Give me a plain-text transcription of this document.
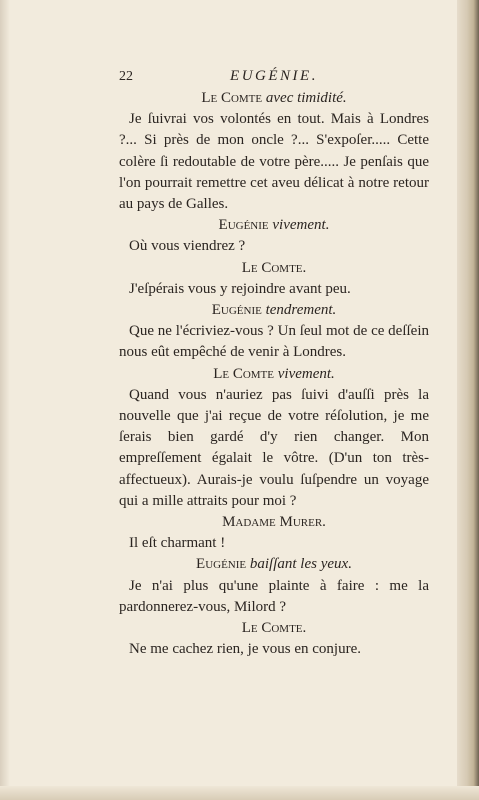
22	EUGÉNIE.
Le Comte avec timidité.
Je ſuivrai vos volontés en tout. Mais à Londres ?... Si près de mon oncle ?... S'expoſer..... Cette colère ſi redoutable de votre père..... Je penſais que l'on pourrait remettre cet aveu délicat à notre retour au pays de Galles.
Eugénie vivement.
Où vous viendrez ?
Le Comte.
J'eſpérais vous y rejoindre avant peu.
Eugénie tendrement.
Que ne l'écriviez-vous ? Un ſeul mot de ce deſſein nous eût empêché de venir à Londres.
Le Comte vivement.
Quand vous n'auriez pas ſuivi d'auſſi près la nouvelle que j'ai reçue de votre réſolution, je me ſerais bien gardé d'y rien changer. Mon empreſſement égalait le vôtre. (D'un ton très-affectueux). Aurais-je voulu ſuſpendre un voyage qui a mille attraits pour moi ?
Madame Murer.
Il eſt charmant !
Eugénie baiſſant les yeux.
Je n'ai plus qu'une plainte à faire : me la pardonnerez-vous, Milord ?
Le Comte.
Ne me cachez rien, je vous en conjure.
